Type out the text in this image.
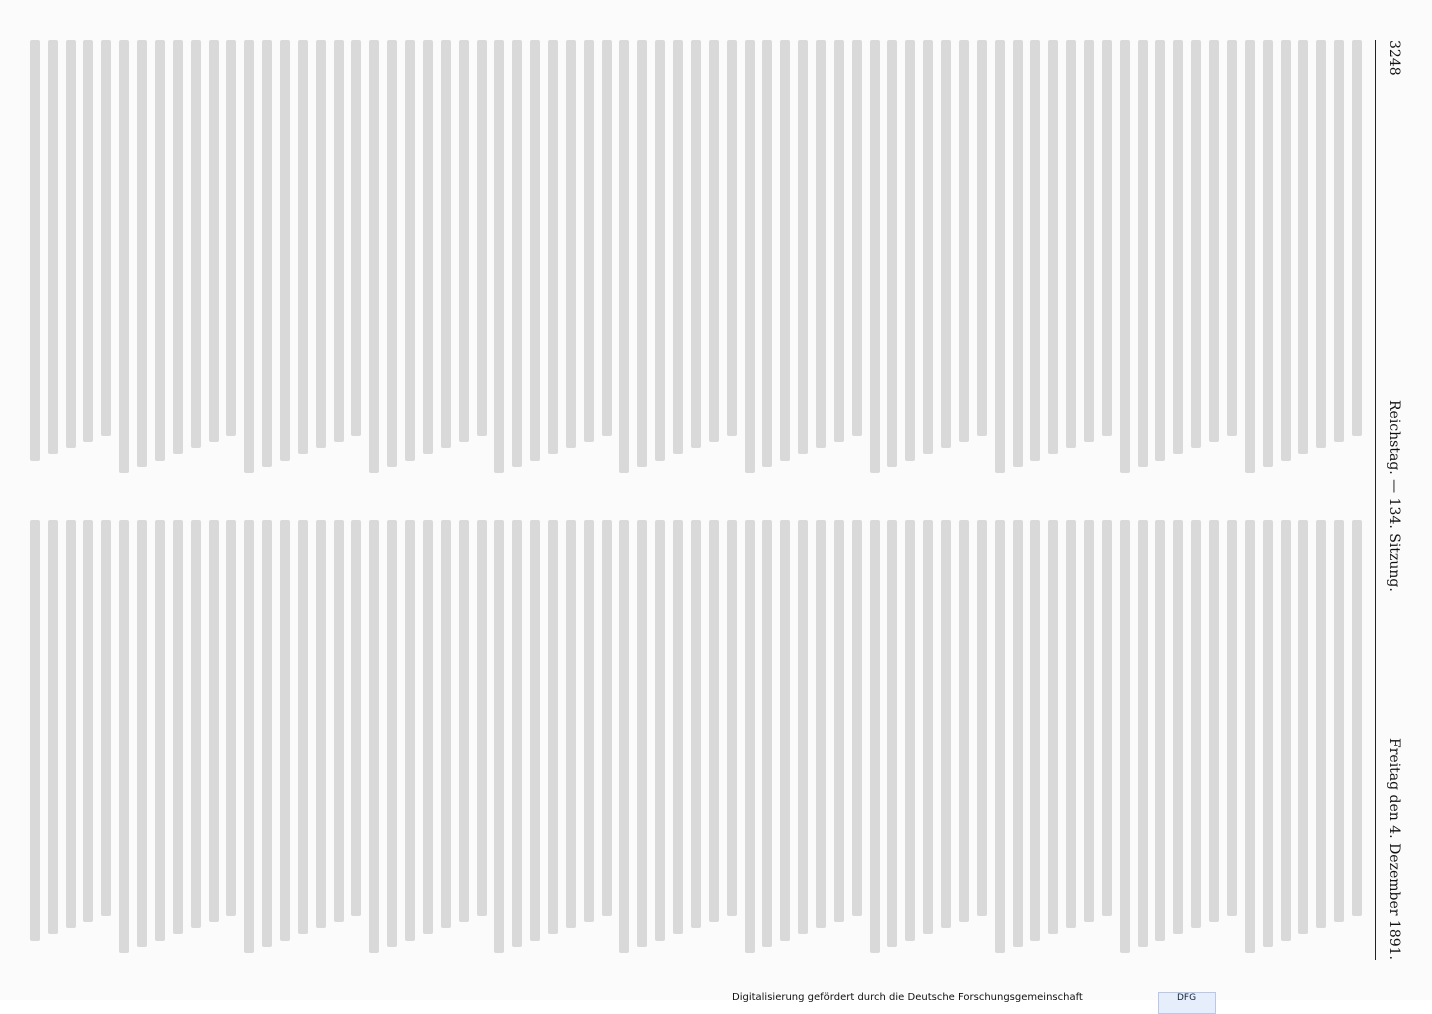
3248
Reichstag. — 134. Sitzung.
Freitag den 4. Dezember 1891.
DFG
Digitalisierung gefördert durch die Deutsche Forschungsgemeinschaft
